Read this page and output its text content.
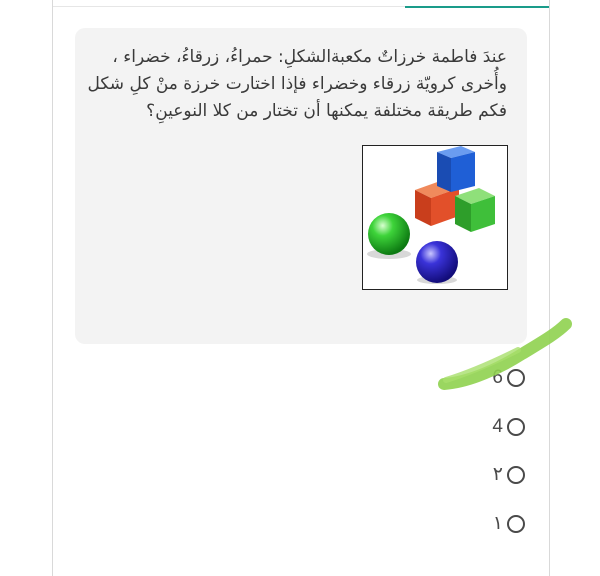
عندَ فاطمة خرزاتٌ مكعبةالشكلِ: حمراءُ، زرقاءُ، خضراء ،
وأُخرى كرويّة زرقاء وخضراء فإذا اختارت خرزة منْ كلِ شكل
فكم طريقة مختلفة يمكنها أن تختار من كلا النوعينِ؟
6
4
٢
١
